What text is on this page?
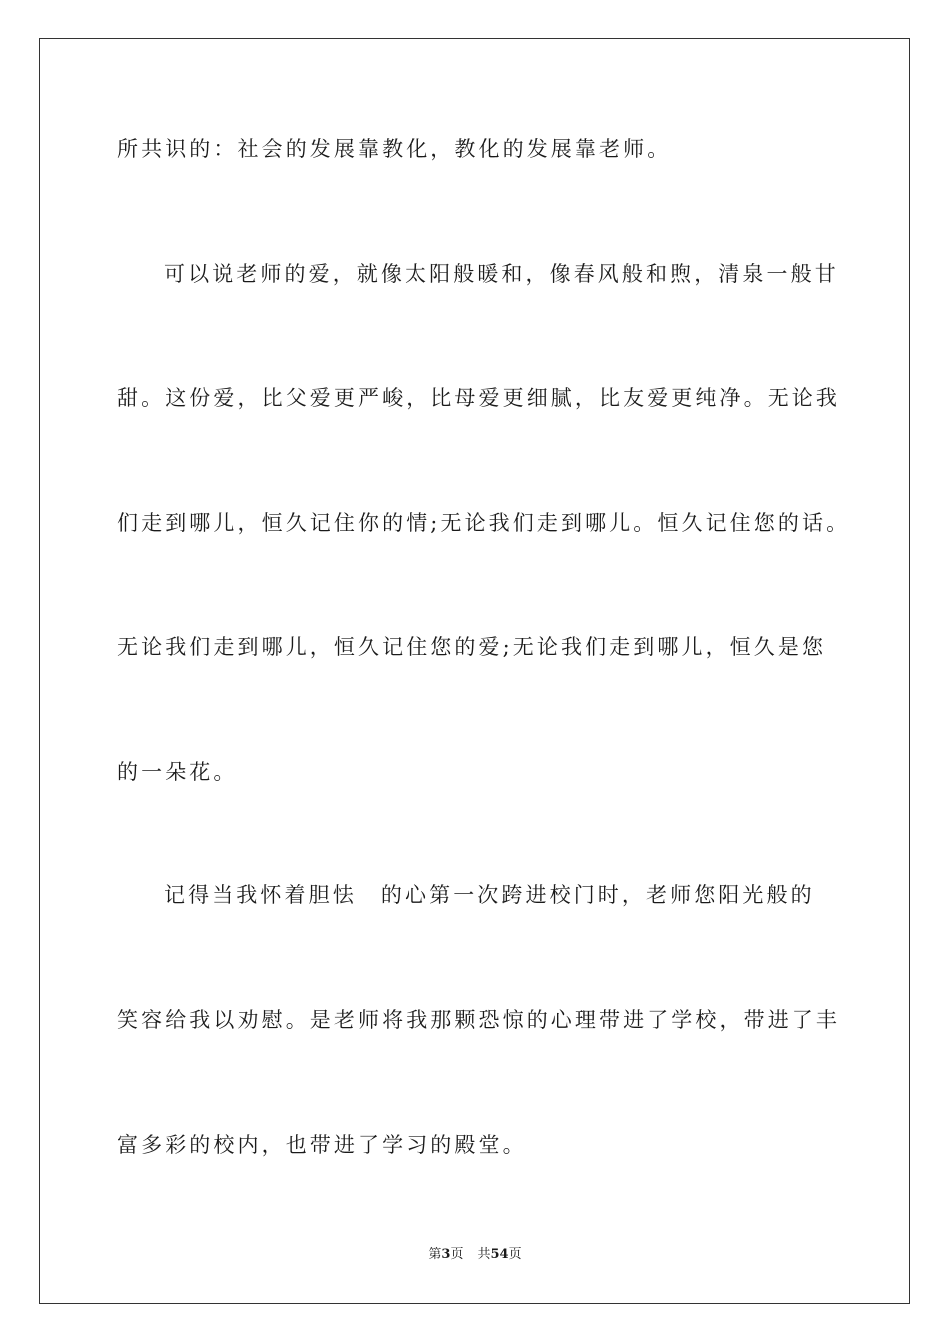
所共识的：社会的发展靠教化，教化的发展靠老师。
可以说老师的爱，就像太阳般暖和，像春风般和煦，清泉一般甘
甜。这份爱，比父爱更严峻，比母爱更细腻，比友爱更纯净。无论我
们走到哪儿，恒久记住你的情;无论我们走到哪儿。恒久记住您的话。
无论我们走到哪儿，恒久记住您的爱;无论我们走到哪儿，恒久是您
的一朵花。
记得当我怀着胆怯　的心第一次跨进校门时，老师您阳光般的
笑容给我以劝慰。是老师将我那颗恐惊的心理带进了学校，带进了丰
富多彩的校内，也带进了学习的殿堂。
第3页 共54页
